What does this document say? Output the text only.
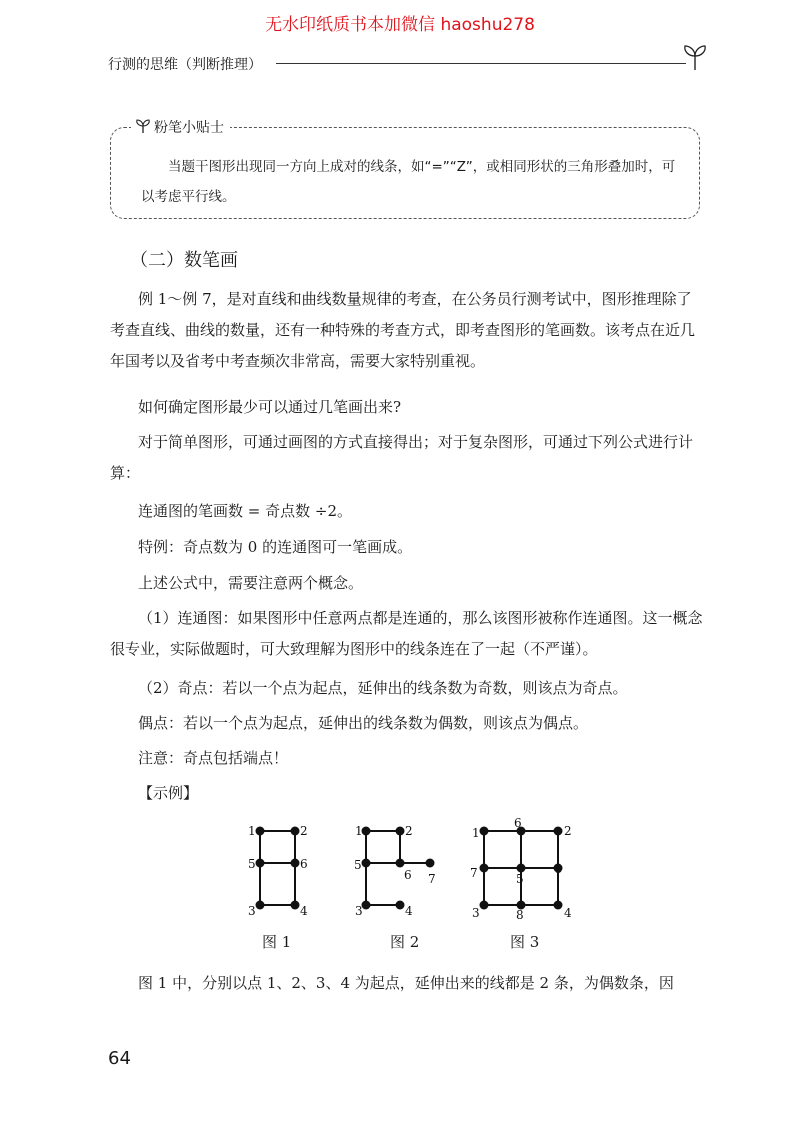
无水印纸质书本加微信 haoshu278
行测的思维（判断推理）
粉笔小贴士
当题干图形出现同一方向上成对的线条，如“=”“Z”，或相同形状的三角形叠加时，可以考虑平行线。
（二）数笔画

例 1～例 7，是对直线和曲线数量规律的考查，在公务员行测考试中，图形推理除了考查直线、曲线的数量，还有一种特殊的考查方式，即考查图形的笔画数。该考点在近几年国考以及省考中考查频次非常高，需要大家特别重视。

如何确定图形最少可以通过几笔画出来?

对于简单图形，可通过画图的方式直接得出；对于复杂图形，可通过下列公式进行计算：

连通图的笔画数 = 奇点数 ÷2。

特例：奇点数为 0 的连通图可一笔画成。

上述公式中，需要注意两个概念。

（1）连通图：如果图形中任意两点都是连通的，那么该图形被称作连通图。这一概念很专业，实际做题时，可大致理解为图形中的线条连在了一起（不严谨）。

（2）奇点：若以一个点为起点，延伸出的线条数为奇数，则该点为奇点。

偶点：若以一个点为起点，延伸出的线条数为偶数，则该点为偶点。

注意：奇点包括端点！

【示例】

1	2
5	6
3	4
图 1
1	2
5
6 7
3	4
图 2
1
6
2
7	5
9
3	8	4
图 3

图 1 中，分别以点 1、2、3、4 为起点，延伸出来的线都是 2 条，为偶数条，因

64
